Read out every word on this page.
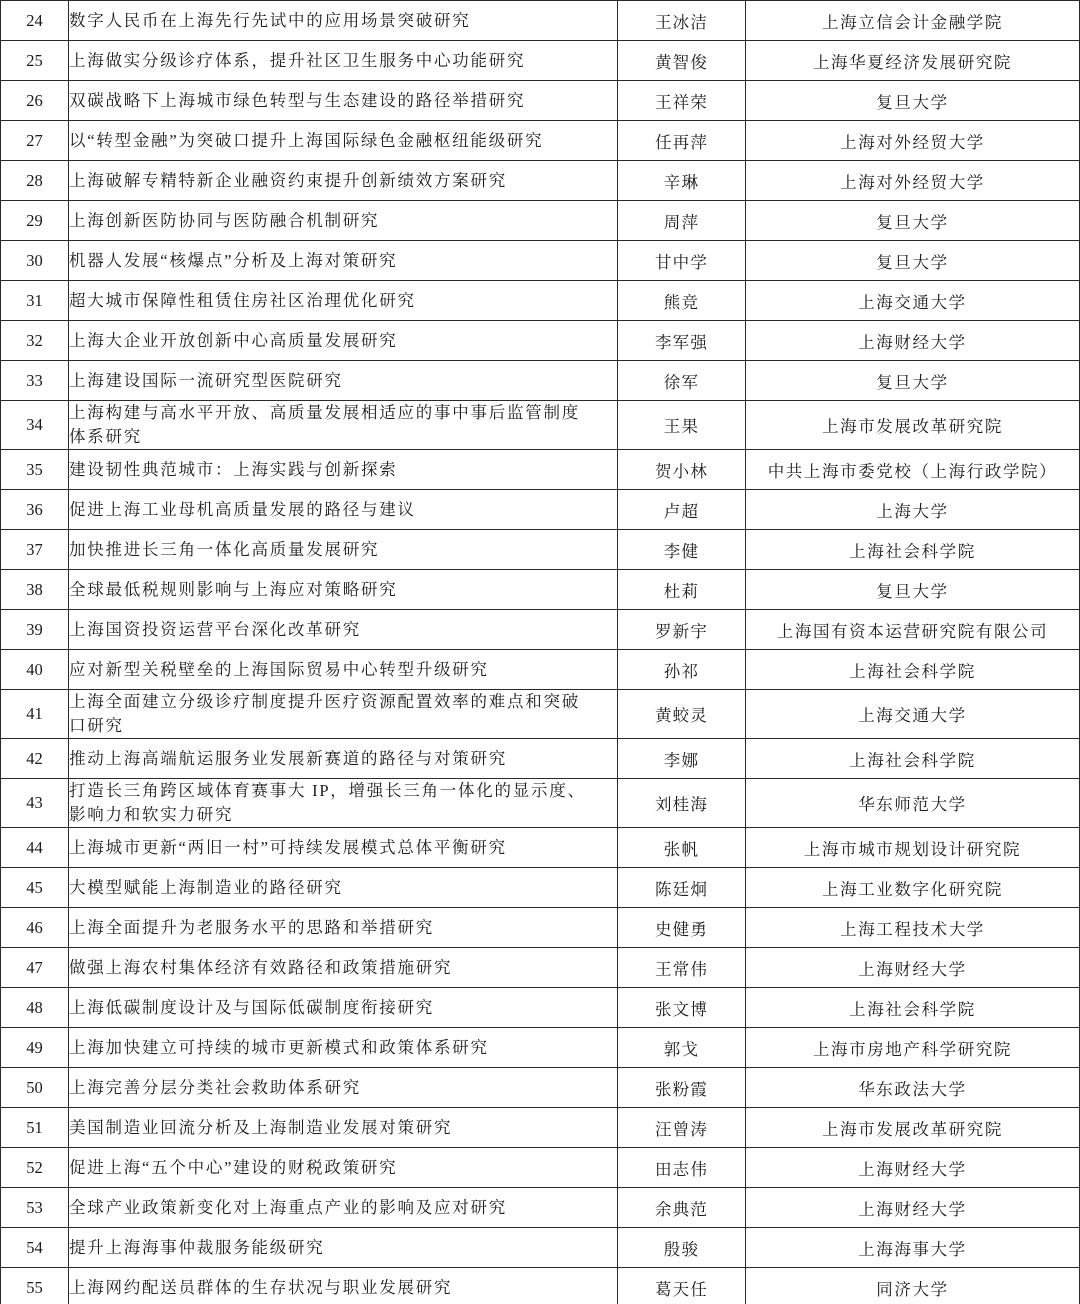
24	数字人民币在上海先行先试中的应用场景突破研究	王冰洁	上海立信会计金融学院
25	上海做实分级诊疗体系，提升社区卫生服务中心功能研究	黄智俊	上海华夏经济发展研究院
26	双碳战略下上海城市绿色转型与生态建设的路径举措研究	王祥荣	复旦大学
27	以“转型金融”为突破口提升上海国际绿色金融枢纽能级研究	任再萍	上海对外经贸大学
28	上海破解专精特新企业融资约束提升创新绩效方案研究	辛琳	上海对外经贸大学
29	上海创新医防协同与医防融合机制研究	周萍	复旦大学
30	机器人发展“核爆点”分析及上海对策研究	甘中学	复旦大学
31	超大城市保障性租赁住房社区治理优化研究	熊竞	上海交通大学
32	上海大企业开放创新中心高质量发展研究	李军强	上海财经大学
33	上海建设国际一流研究型医院研究	徐军	复旦大学
34	上海构建与高水平开放、高质量发展相适应的事中事后监管制度
体系研究	王果	上海市发展改革研究院
35	建设韧性典范城市：上海实践与创新探索	贺小林	中共上海市委党校（上海行政学院）
36	促进上海工业母机高质量发展的路径与建议	卢超	上海大学
37	加快推进长三角一体化高质量发展研究	李健	上海社会科学院
38	全球最低税规则影响与上海应对策略研究	杜莉	复旦大学
39	上海国资投资运营平台深化改革研究	罗新宇	上海国有资本运营研究院有限公司
40	应对新型关税壁垒的上海国际贸易中心转型升级研究	孙祁	上海社会科学院
41	上海全面建立分级诊疗制度提升医疗资源配置效率的难点和突破
口研究	黄蛟灵	上海交通大学
42	推动上海高端航运服务业发展新赛道的路径与对策研究	李娜	上海社会科学院
43	打造长三角跨区域体育赛事大 IP，增强长三角一体化的显示度、
影响力和软实力研究	刘桂海	华东师范大学
44	上海城市更新“两旧一村”可持续发展模式总体平衡研究	张帆	上海市城市规划设计研究院
45	大模型赋能上海制造业的路径研究	陈廷炯	上海工业数字化研究院
46	上海全面提升为老服务水平的思路和举措研究	史健勇	上海工程技术大学
47	做强上海农村集体经济有效路径和政策措施研究	王常伟	上海财经大学
48	上海低碳制度设计及与国际低碳制度衔接研究	张文博	上海社会科学院
49	上海加快建立可持续的城市更新模式和政策体系研究	郭戈	上海市房地产科学研究院
50	上海完善分层分类社会救助体系研究	张粉霞	华东政法大学
51	美国制造业回流分析及上海制造业发展对策研究	汪曾涛	上海市发展改革研究院
52	促进上海“五个中心”建设的财税政策研究	田志伟	上海财经大学
53	全球产业政策新变化对上海重点产业的影响及应对研究	余典范	上海财经大学
54	提升上海海事仲裁服务能级研究	殷骏	上海海事大学
55	上海网约配送员群体的生存状况与职业发展研究	葛天任	同济大学
